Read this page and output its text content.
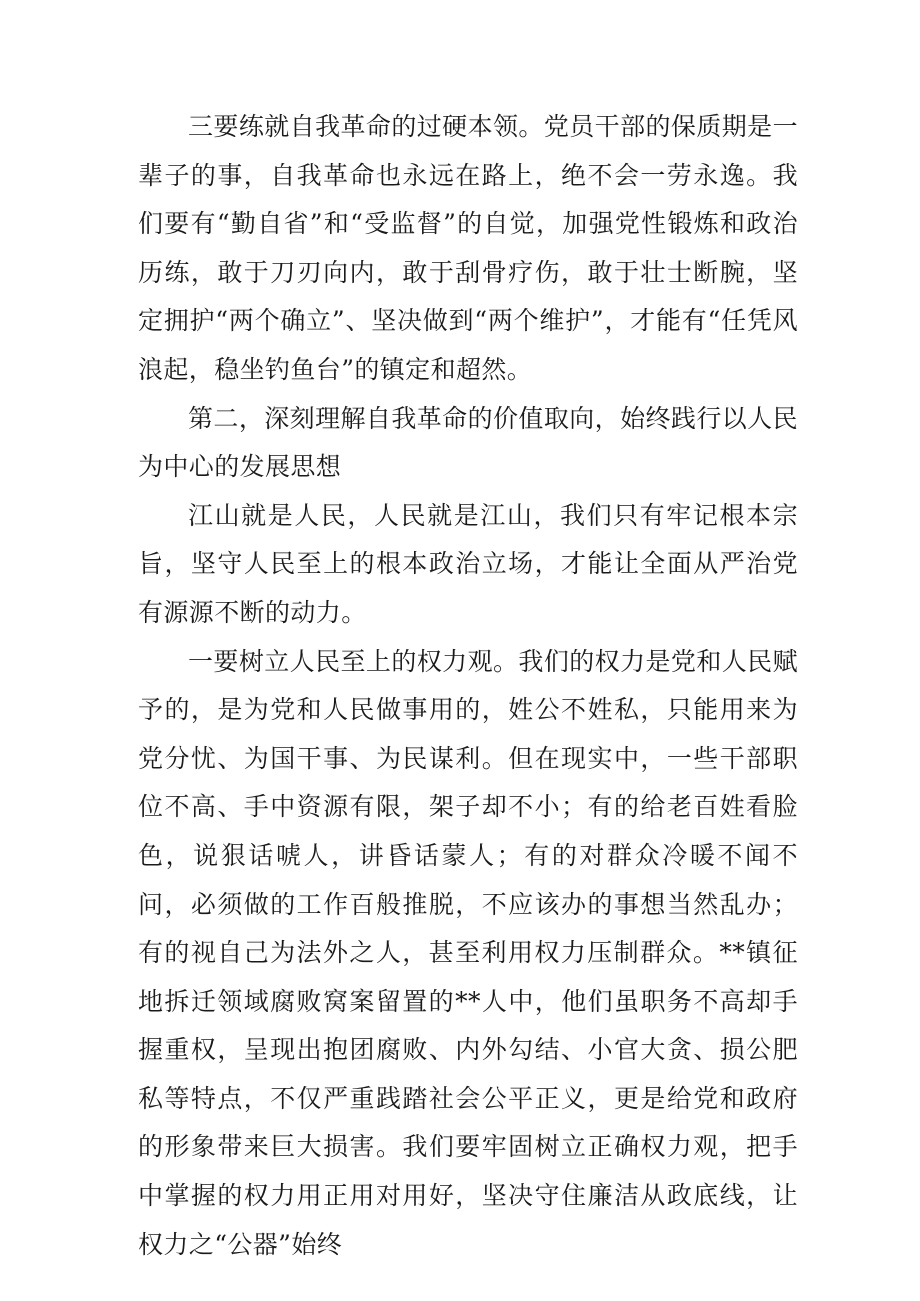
三要练就自我革命的过硬本领。党员干部的保质期是一辈子的事，自我革命也永远在路上，绝不会一劳永逸。我们要有“勤自省”和“受监督”的自觉，加强党性锻炼和政治历练，敢于刀刃向内，敢于刮骨疗伤，敢于壮士断腕，坚定拥护“两个确立”、坚决做到“两个维护”，才能有“任凭风浪起，稳坐钓鱼台”的镇定和超然。

第二，深刻理解自我革命的价值取向，始终践行以人民为中心的发展思想

江山就是人民，人民就是江山，我们只有牢记根本宗旨，坚守人民至上的根本政治立场，才能让全面从严治党有源源不断的动力。

一要树立人民至上的权力观。我们的权力是党和人民赋予的，是为党和人民做事用的，姓公不姓私，只能用来为党分忧、为国干事、为民谋利。但在现实中，一些干部职位不高、手中资源有限，架子却不小；有的给老百姓看脸色，说狠话唬人，讲昏话蒙人；有的对群众冷暖不闻不问，必须做的工作百般推脱，不应该办的事想当然乱办；有的视自己为法外之人，甚至利用权力压制群众。**镇征地拆迁领域腐败窝案留置的**人中，他们虽职务不高却手握重权，呈现出抱团腐败、内外勾结、小官大贪、损公肥私等特点，不仅严重践踏社会公平正义，更是给党和政府的形象带来巨大损害。我们要牢固树立正确权力观，把手中掌握的权力用正用对用好，坚决守住廉洁从政底线，让权力之“公器”始终
